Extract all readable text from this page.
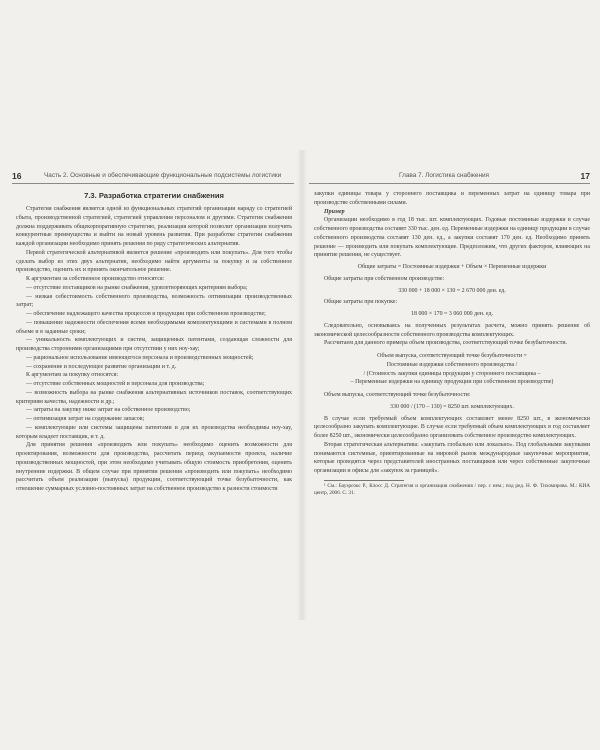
16	Часть 2. Основные и обеспечивающие функциональные подсистемы логистики	Глава 7. Логистика снабжения	17

7.3. Разработка стратегии снабжения

Стратегия снабжения является одной из функциональных стратегий организации наряду со стратегией сбыта, производственной стратегией, стратегией управления персоналом и другими. Стратегия снабжения должна поддерживать общекорпоративную стратегию, реализация которой позволит организации получить конкурентные преимущества и выйти на новый уровень развития. При разработке стратегии снабжения каждой организации необходимо принять решения по ряду стратегических альтернатив.

Первой стратегической альтернативой является решение «производить или покупать». Для того чтобы сделать выбор из этих двух альтернатив, необходимо найти аргументы за покупку и за собственное производство, оценить их и принять окончательное решение.

К аргументам за собственное производство относятся:

— отсутствие поставщиков на рынке снабжения, удовлетворяющих критериям выбора;

— низкая себестоимость собственного производства, возможность оптимизации производственных затрат;

— обеспечение надлежащего качества процессов и продукции при собственном производстве;

— повышение надежности обеспечения всеми необходимыми комплектующими и системами в полном объеме и в заданные сроки;

— уникальность комплектующих и систем, защищенных патентами, создающая сложности для производства сторонними организациями при отсутствии у них ноу-хау;

— рациональное использование имеющегося персонала и производственных мощностей;

— сохранение и последующее развитие организации и т. д.

К аргументам за покупку относятся:

— отсутствие собственных мощностей и персонала для производства;

— возможность выбора на рынке снабжения альтернативных источников поставок, соответствующих критериям качества, надежности и др.;

— затраты на закупку ниже затрат на собственное производство;

— оптимизация затрат на содержание запасов;

— комплектующие или системы защищены патентами и для их производства необходимы ноу-хау, которым владеет поставщик, и т. д.

Для принятия решения «производить или покупать» необходимо оценить возможности для проектирования, возможности для производства, рассчитать период окупаемости проекта, наличие производственных мощностей, при этом необходимо учитывать общую стоимость приобретения, оценить внутренние издержки. В общем случае при принятии решения «производить или покупать» необходимо рассчитать объем реализации (выпуска) продукции, соответствующий точке безубыточности, как отношение суммарных условно-постоянных затрат на собственное производство к разности стоимости

закупки единицы товара у стороннего поставщика и переменных затрат на единицу товара при производстве собственными силами.

Пример

Организации необходимо в год 18 тыс. шт. комплектующих. Годовые постоянные издержки в случае собственного производства составят 330 тыс. ден. ед. Переменные издержки на единицу продукции в случае собственного производства составят 130 ден. ед., а закупки составят 170 ден. ед. Необходимо принять решение — производить или покупать комплектующие. Предположим, что других факторов, влияющих на принятие решения, не существует.

Общие затраты = Постоянные издержки + Объем × Переменные издержки

Общие затраты при собственном производстве:

330 000 + 18 000 × 130 = 2 670 000 ден. ед.

Общие затраты при покупке:

18 000 × 170 = 3 060 000 ден. ед.

Следовательно, основываясь на полученных результатах расчета, можно принять решение об экономической целесообразности собственного производства комплектующих.

Рассчитаем для данного примера объем производства, соответствующий точке безубыточности.

Объем выпуска, соответствующий точке безубыточности =

Постоянные издержки собственного производства /

/ (Стоимость закупки единицы продукции у стороннего поставщика –

– Переменные издержки на единицу продукции при собственном производстве)

Объем выпуска, соответствующий точке безубыточности:

330 000 / (170 – 130) = 8250 шт. комплектующих.

В случае если требуемый объем комплектующих составляет менее 8250 шт., в экономически целесообразно закупать комплектующие. В случае если требуемый объем комплектующих в год составляет более 8250 шт., экономически целесообразно организовать собственное производство комплектующих.

Вторая стратегическая альтернатива: «закупать глобально или локально». Под глобальными закупками понимаются системные, ориентированные на мировой рынок международные закупочные мероприятия, которые проводятся через представителей иностранных поставщиков или через собственные закупочные организации и офисы для «закупок за границей».

¹ См.: Бауэрсокс Р., Клосс Д. Стратегия и организация снабжения / пер. с нем.; под ред. Н. Ф. Тихомирова. М.: КИА центр, 2006. С. 31.
